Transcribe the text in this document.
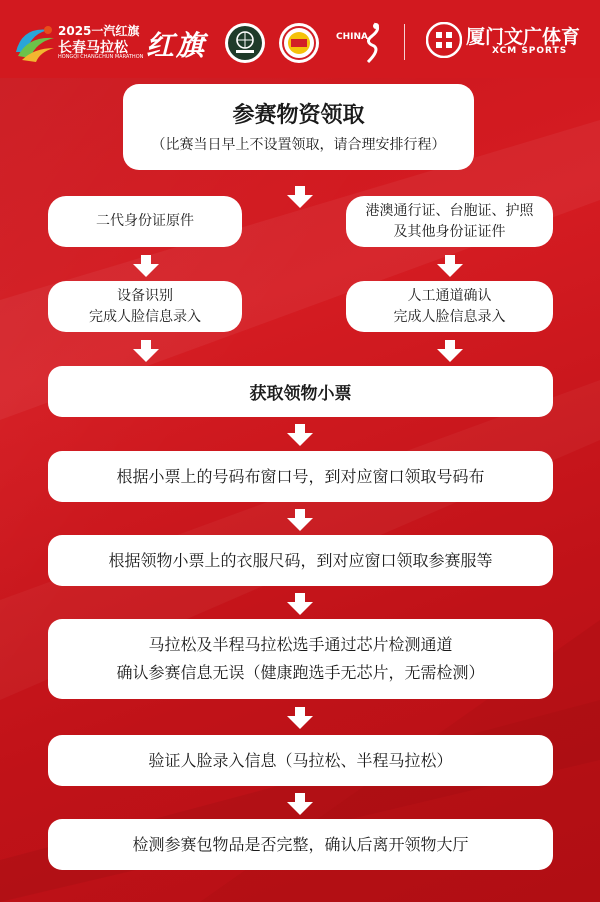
2025一汽红旗
长春马拉松
HONGQI CHANGCHUN MARATHON 红旗	CHINA	厦门文广体育
XCM SPORTS
参赛物资领取
（比赛当日早上不设置领取，请合理安排行程）
二代身份证原件
设备识别
完成人脸信息录入
港澳通行证、台胞证、护照
及其他身份证证件
人工通道确认
完成人脸信息录入
获取领物小票
根据小票上的号码布窗口号，到对应窗口领取号码布
根据领物小票上的衣服尺码，到对应窗口领取参赛服等
马拉松及半程马拉松选手通过芯片检测通道
确认参赛信息无误（健康跑选手无芯片，无需检测）
验证人脸录入信息（马拉松、半程马拉松）
检测参赛包物品是否完整，确认后离开领物大厅
